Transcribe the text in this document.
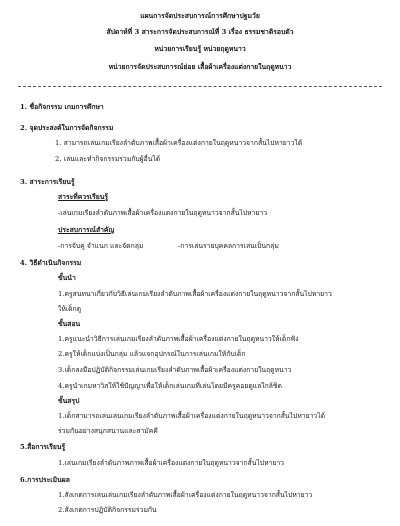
แผนการจัดประสบการณ์การศึกษาปฐมวัย
สัปดาห์ที่ 3 สาระการจัดประสบการณ์ที่ 3 เรื่อง ธรรมชาติรอบตัว
หน่วยการเรียนรู้ หน่วยฤดูหนาว
หน่วยการจัดประสบการณ์ย่อย เสื้อผ้าเครื่องแต่งกายในฤดูหนาว
1. ชื่อกิจกรรม เกมการศึกษา
2. จุดประสงค์ในการจัดกิจกรรม
1. สามารถเล่นเกมเรียงลำดับภาพเสื้อผ้าเครื่องแต่งกายในฤดูหนาวจากสั้นไปหายาวได้
2. เล่นและทำกิจกรรมร่วมกับผู้อื่นได้
3. สาระการเรียนรู้
สาระที่ควรเรียนรู้
-เล่นเกมเรียงลำดับภาพเสื้อผ้าเครื่องแต่งกายในฤดูหนาวจากสั้นไปหายาว
ประสบการณ์สำคัญ
-การจับคู่ จำแนก และจัดกลุ่ม	-การเล่นรายบุคคลการเล่นเป็นกลุ่ม
4. วิธีดำเนินกิจกรรม
ขั้นนำ
1.ครูสนทนาเกี่ยวกับวิธีเล่นเกมเรียงลำดับภาพเสื้อผ้าเครื่องแต่งกายในฤดูหนาวจากสั้นไปหายาว
ให้เด็กดู
ขั้นสอน
1.ครูแนะนำวิธีการเล่นเกมเรียงลำดับภาพเสื้อผ้าเครื่องแต่งกายในฤดูหนาวให้เด็กฟัง
2.ครูให้เด็กแบ่งเป็นกลุ่ม แล้วแจกอุปกรณ์ในการเล่นเกมให้กับเด็ก
3.เด็กลงมือปฏิบัติกิจกรรมเล่นเกมเรียงลำดับภาพเสื้อผ้าเครื่องแต่งกายในฤดูหนาว
4.ครูนำเกมหาวิสให้ใช้ปัญญาเพื่อให้เด็กเล่นเกมที่เล่นโดยมีครูคอยดูแลใกล้ชิด
ขั้นสรุป
1.เด็กสามารถเล่นเล่นเกมเรียงลำดับภาพเสื้อผ้าเครื่องแต่งกายในฤดูหนาวจากสั้นไปหายาวได้
ร่วมกันอย่างสนุกสนานและสามัคคี
5.สื่อการเรียนรู้
1.เล่นเกมเรียงลำดับภาพภาพเสื้อผ้าเครื่องแต่งกายในฤดูหนาวจากสั้นไปหายาว
6.การประเมินผล
1.สังเกตการเล่นเล่นเกมเรียงลำดับภาพเสื้อผ้าเครื่องแต่งกายในฤดูหนาวจากสั้นไปหายาว
2.สังเกตการปฏิบัติกิจกรรมร่วมกัน
